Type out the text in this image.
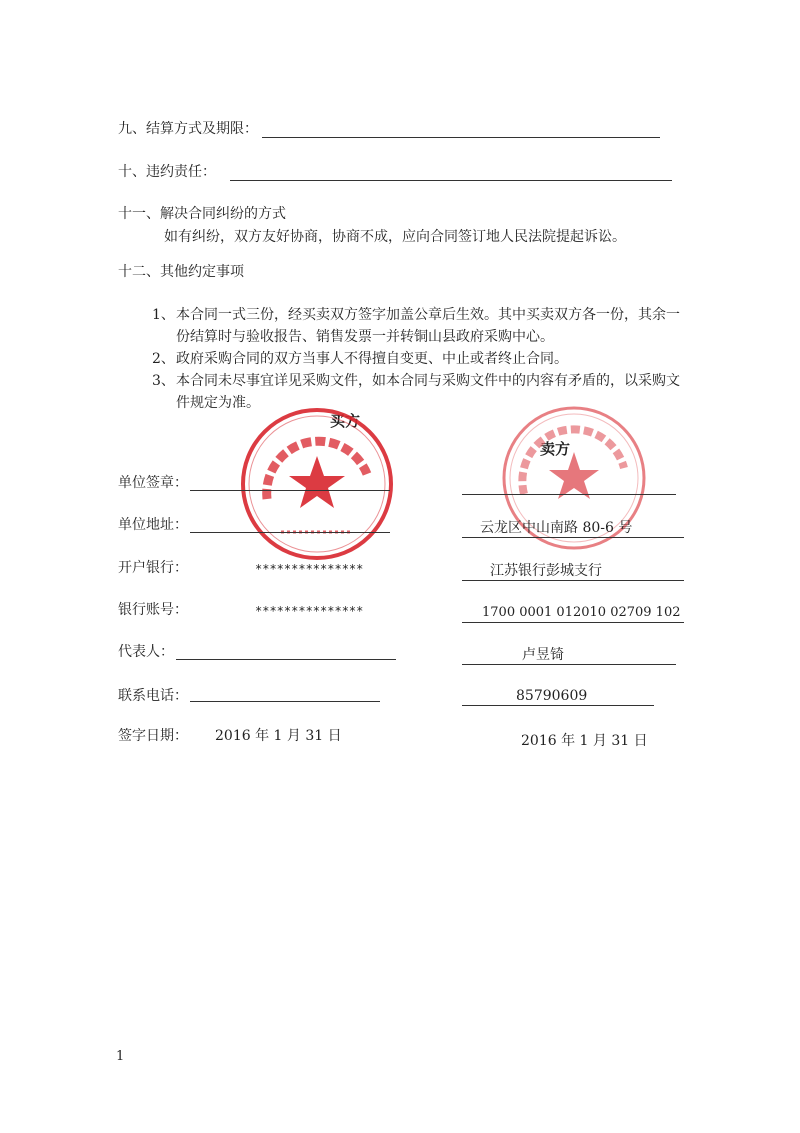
九、结算方式及期限：
十、违约责任：
十一、解决合同纠纷的方式
如有纠纷，双方友好协商，协商不成，应向合同签订地人民法院提起诉讼。
十二、其他约定事项
1、 本合同一式三份，经买卖双方签字加盖公章后生效。其中买卖双方各一份，其余一
份结算时与验收报告、销售发票一并转铜山县政府采购中心。
2、 政府采购合同的双方当事人不得擅自变更、中止或者终止合同。
3、 本合同未尽事宜详见采购文件，如本合同与采购文件中的内容有矛盾的，以采购文
件规定为准。
买方
卖方
单位签章：
单位地址：
开户银行：
银行账号：
代表人：
联系电话：
签字日期：
***************
***************
2016 年 1 月 31 日
云龙区中山南路 80-6 号
江苏银行彭城支行
1700 0001 012010 02709 102
卢昱锜
85790609
2016 年 1 月 31 日
1
